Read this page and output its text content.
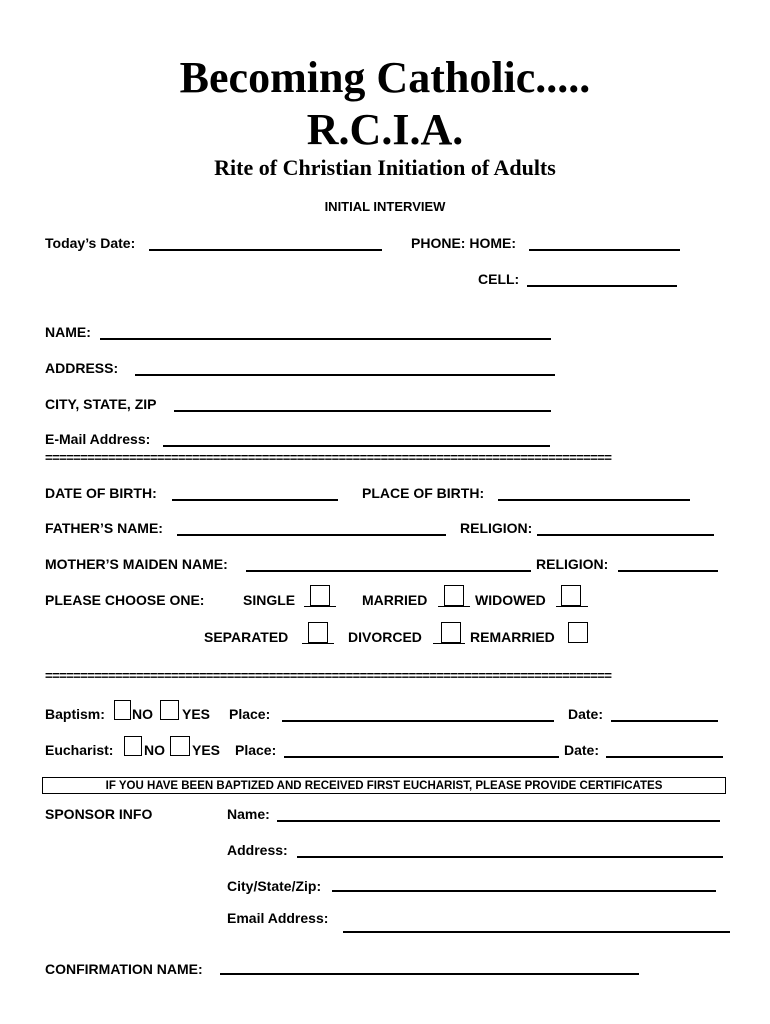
Becoming Catholic.....
R.C.I.A.
Rite of Christian Initiation of Adults
INITIAL INTERVIEW
Today’s Date:	PHONE: HOME:
CELL:
NAME:
ADDRESS:
CITY, STATE, ZIP
E-Mail Address:
=================================================================================
DATE OF BIRTH:	PLACE OF BIRTH:
FATHER’S NAME:	RELIGION:
MOTHER’S MAIDEN NAME:	RELIGION:
PLEASE CHOOSE ONE:	SINGLE	MARRIED	WIDOWED
SEPARATED	DIVORCED	REMARRIED
=================================================================================
Baptism: NO YES Place:	Date:
Eucharist: NO YES Place:	Date:
IF YOU HAVE BEEN BAPTIZED AND RECEIVED FIRST EUCHARIST, PLEASE PROVIDE CERTIFICATES
SPONSOR INFO	Name:
Address:
City/State/Zip:
Email Address:
CONFIRMATION NAME:
